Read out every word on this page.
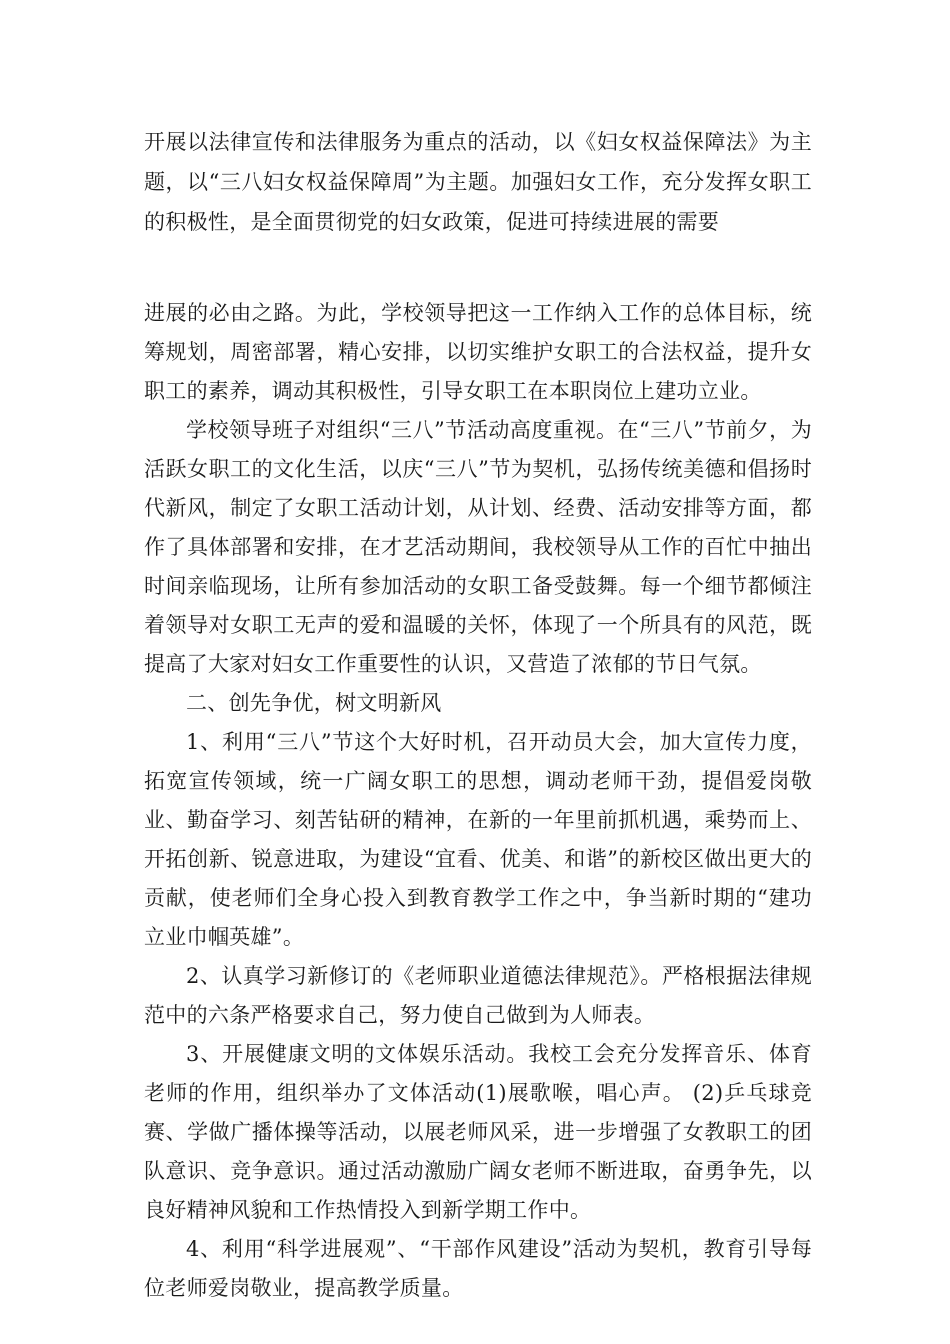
开展以法律宣传和法律服务为重点的活动，以《妇女权益保障法》为主题，以“三八妇女权益保障周”为主题。加强妇女工作，充分发挥女职工的积极性，是全面贯彻党的妇女政策，促进可持续进展的需要

进展的必由之路。为此，学校领导把这一工作纳入工作的总体目标，统筹规划，周密部署，精心安排，以切实维护女职工的合法权益，提升女职工的素养，调动其积极性，引导女职工在本职岗位上建功立业。

学校领导班子对组织“三八”节活动高度重视。在“三八”节前夕，为活跃女职工的文化生活，以庆“三八”节为契机，弘扬传统美德和倡扬时代新风，制定了女职工活动计划，从计划、经费、活动安排等方面，都作了具体部署和安排，在才艺活动期间，我校领导从工作的百忙中抽出时间亲临现场，让所有参加活动的女职工备受鼓舞。每一个细节都倾注着领导对女职工无声的爱和温暖的关怀，体现了一个所具有的风范，既提高了大家对妇女工作重要性的认识，又营造了浓郁的节日气氛。

二、创先争优，树文明新风

1、利用“三八”节这个大好时机，召开动员大会，加大宣传力度，拓宽宣传领域，统一广阔女职工的思想，调动老师干劲，提倡爱岗敬业、勤奋学习、刻苦钻研的精神，在新的一年里前抓机遇，乘势而上、开拓创新、锐意进取，为建设“宜看、优美、和谐”的新校区做出更大的贡献，使老师们全身心投入到教育教学工作之中，争当新时期的“建功立业巾帼英雄”。

2、认真学习新修订的《老师职业道德法律规范》。严格根据法律规范中的六条严格要求自己，努力使自己做到为人师表。

3、开展健康文明的文体娱乐活动。我校工会充分发挥音乐、体育老师的作用，组织举办了文体活动(1)展歌喉，唱心声。 (2)乒乓球竞赛、学做广播体操等活动，以展老师风采，进一步增强了女教职工的团队意识、竞争意识。通过活动激励广阔女老师不断进取，奋勇争先，以良好精神风貌和工作热情投入到新学期工作中。

4、利用“科学进展观”、“干部作风建设”活动为契机，教育引导每位老师爱岗敬业，提高教学质量。
